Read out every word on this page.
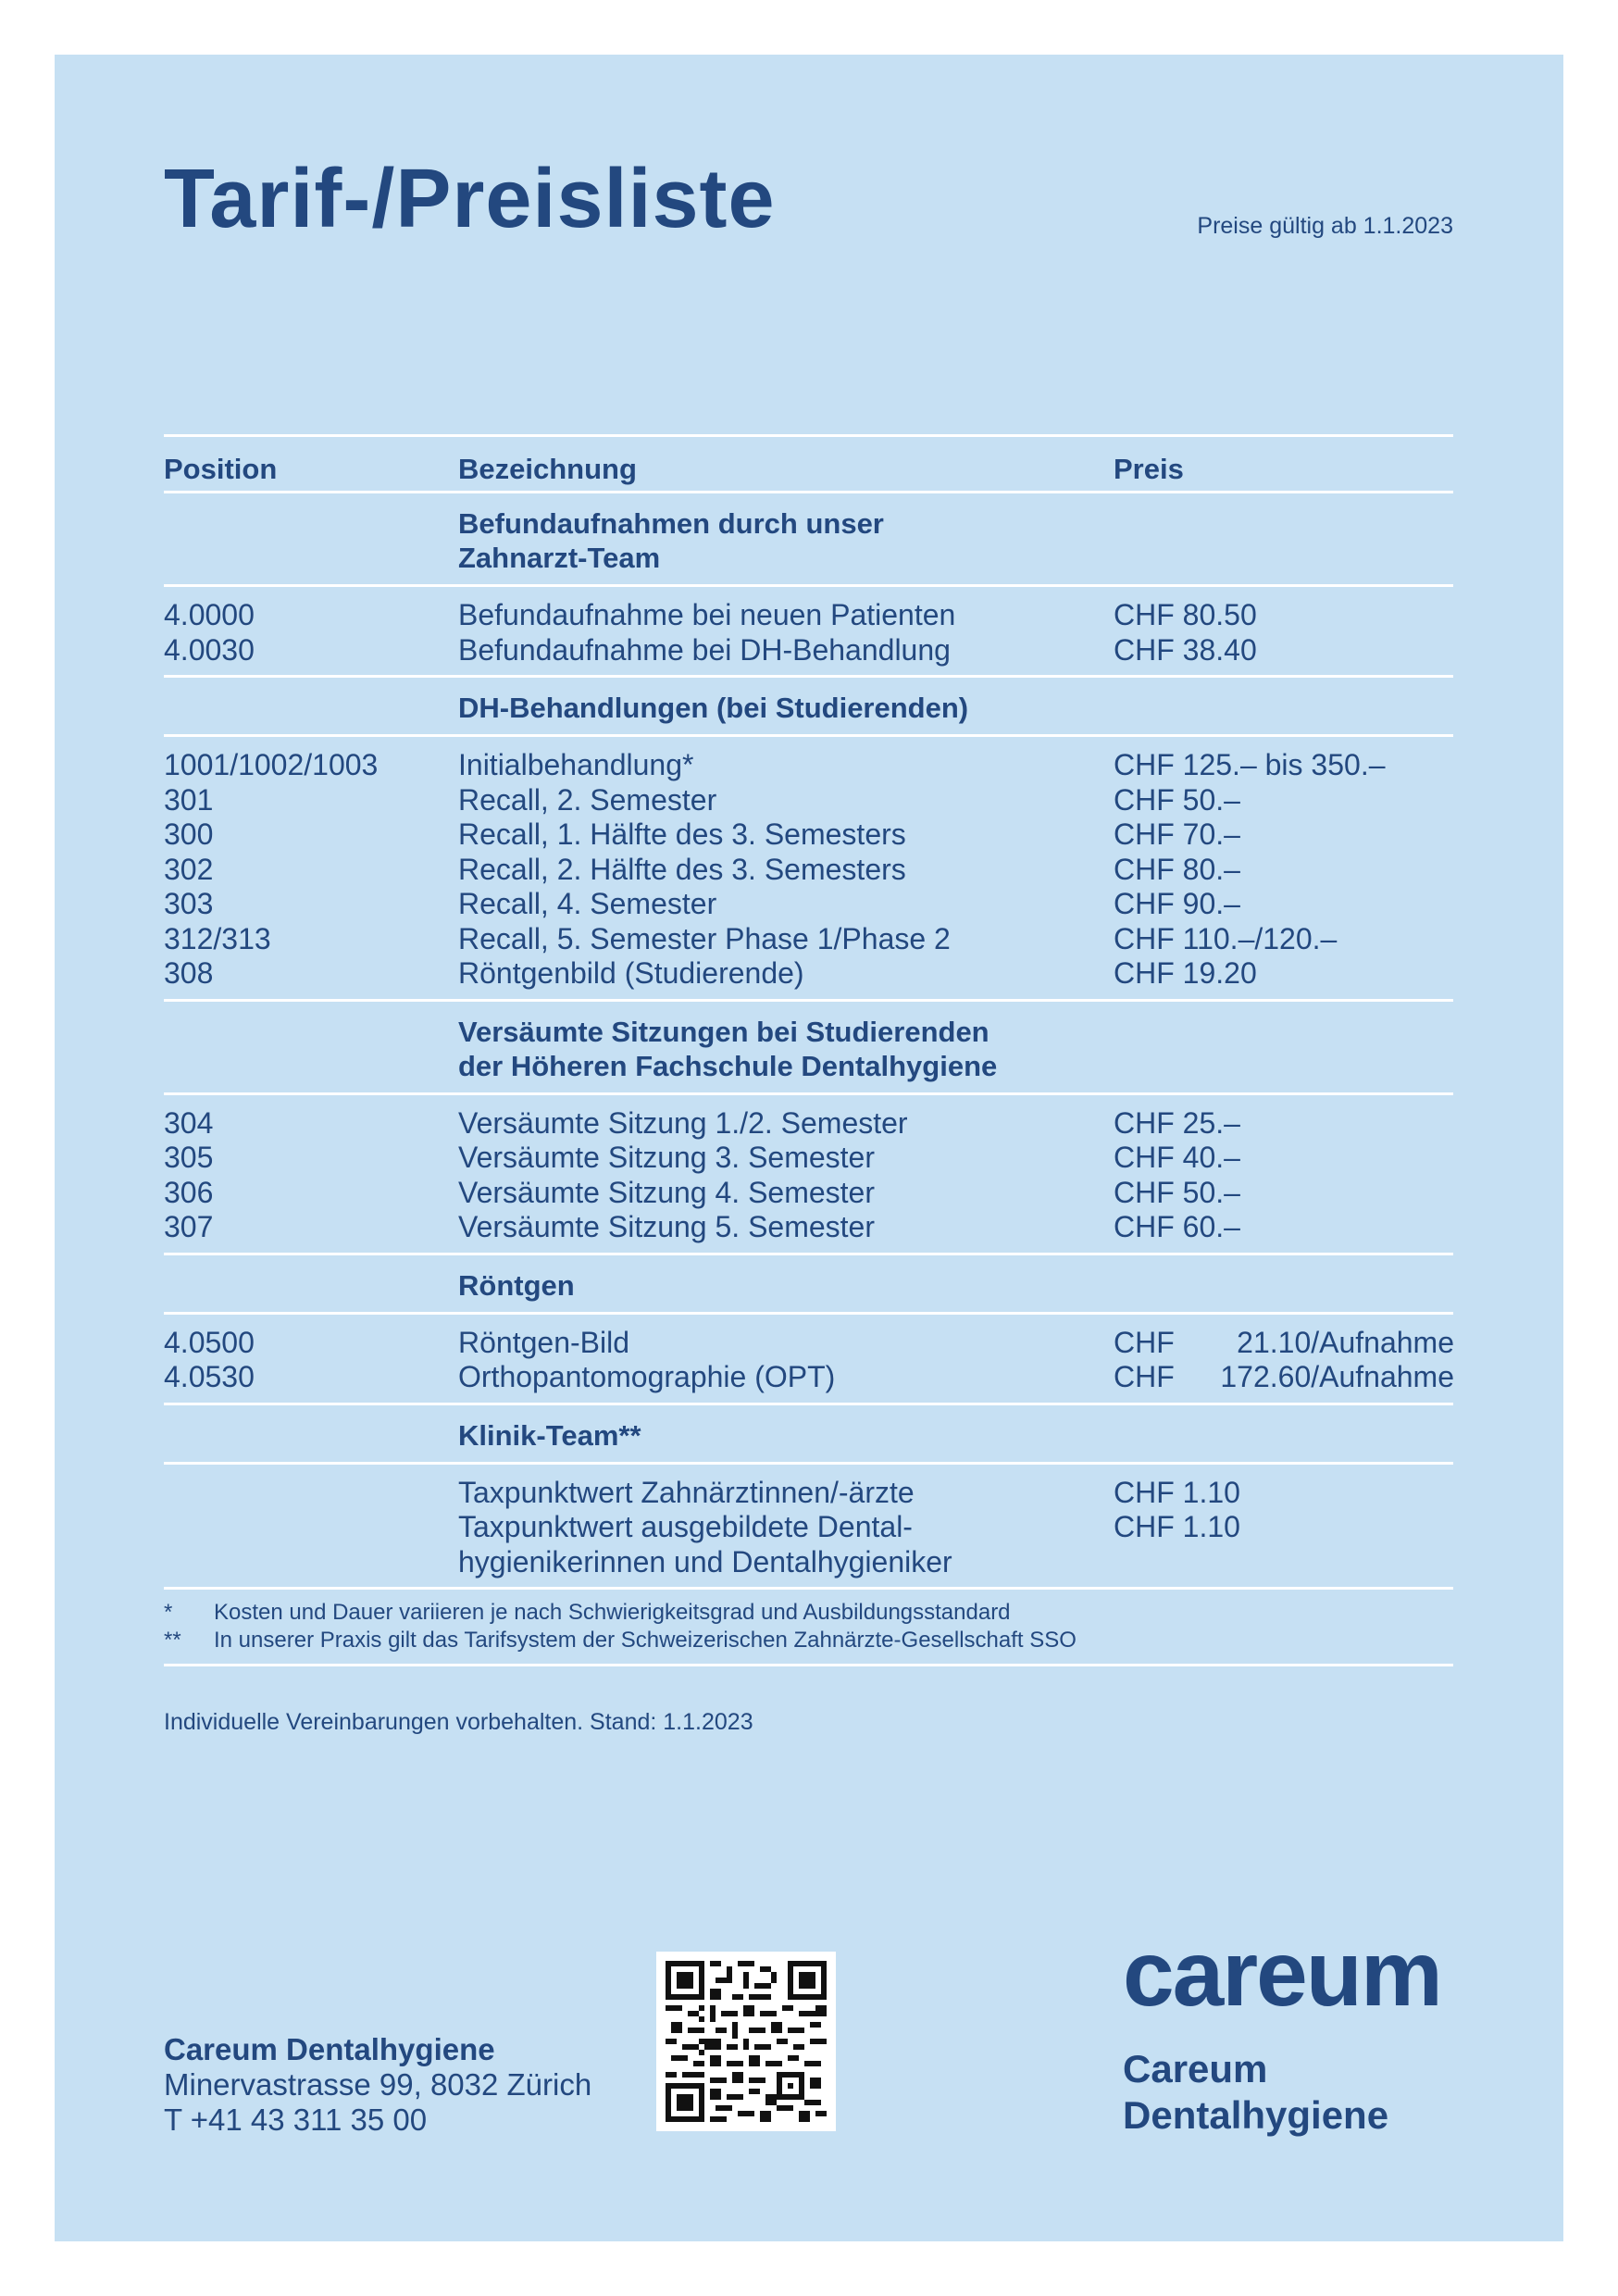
Tarif-/Preisliste	Preise gültig ab 1.1.2023
Position	Bezeichnung	Preis
Befundaufnahmen durch unser
Zahnarzt-Team
4.0000	Befundaufnahme bei neuen Patienten	CHF 80.50
4.0030	Befundaufnahme bei DH-Behandlung	CHF 38.40
DH-Behandlungen (bei Studierenden)
1001/1002/1003	Initialbehandlung*	CHF 125.– bis 350.–
301	Recall, 2. Semester	CHF 50.–
300	Recall, 1. Hälfte des 3. Semesters	CHF 70.–
302	Recall, 2. Hälfte des 3. Semesters	CHF 80.–
303	Recall, 4. Semester	CHF 90.–
312/313	Recall, 5. Semester Phase 1/Phase 2	CHF 110.–/120.–
308	Röntgenbild (Studierende)	CHF 19.20
Versäumte Sitzungen bei Studierenden
der Höheren Fachschule Dentalhygiene
304	Versäumte Sitzung 1./2. Semester	CHF 25.–
305	Versäumte Sitzung 3. Semester	CHF 40.–
306	Versäumte Sitzung 4. Semester	CHF 50.–
307	Versäumte Sitzung 5. Semester	CHF 60.–
Röntgen
4.0500	Röntgen-Bild	CHF 21.10/Aufnahme
4.0530	Orthopantomographie (OPT)	CHF 172.60/Aufnahme
Klinik-Team**
Taxpunktwert Zahnärztinnen/-ärzte	CHF 1.10
Taxpunktwert ausgebildete Dental-	CHF 1.10
hygienikerinnen und Dentalhygieniker
* Kosten und Dauer variieren je nach Schwierigkeitsgrad und Ausbildungsstandard
** In unserer Praxis gilt das Tarifsystem der Schweizerischen Zahnärzte-Gesellschaft SSO
Individuelle Vereinbarungen vorbehalten. Stand: 1.1.2023
Careum Dentalhygiene
Minervastrasse 99, 8032 Zürich
T +41 43 311 35 00
careum
Careum
Dentalhygiene
